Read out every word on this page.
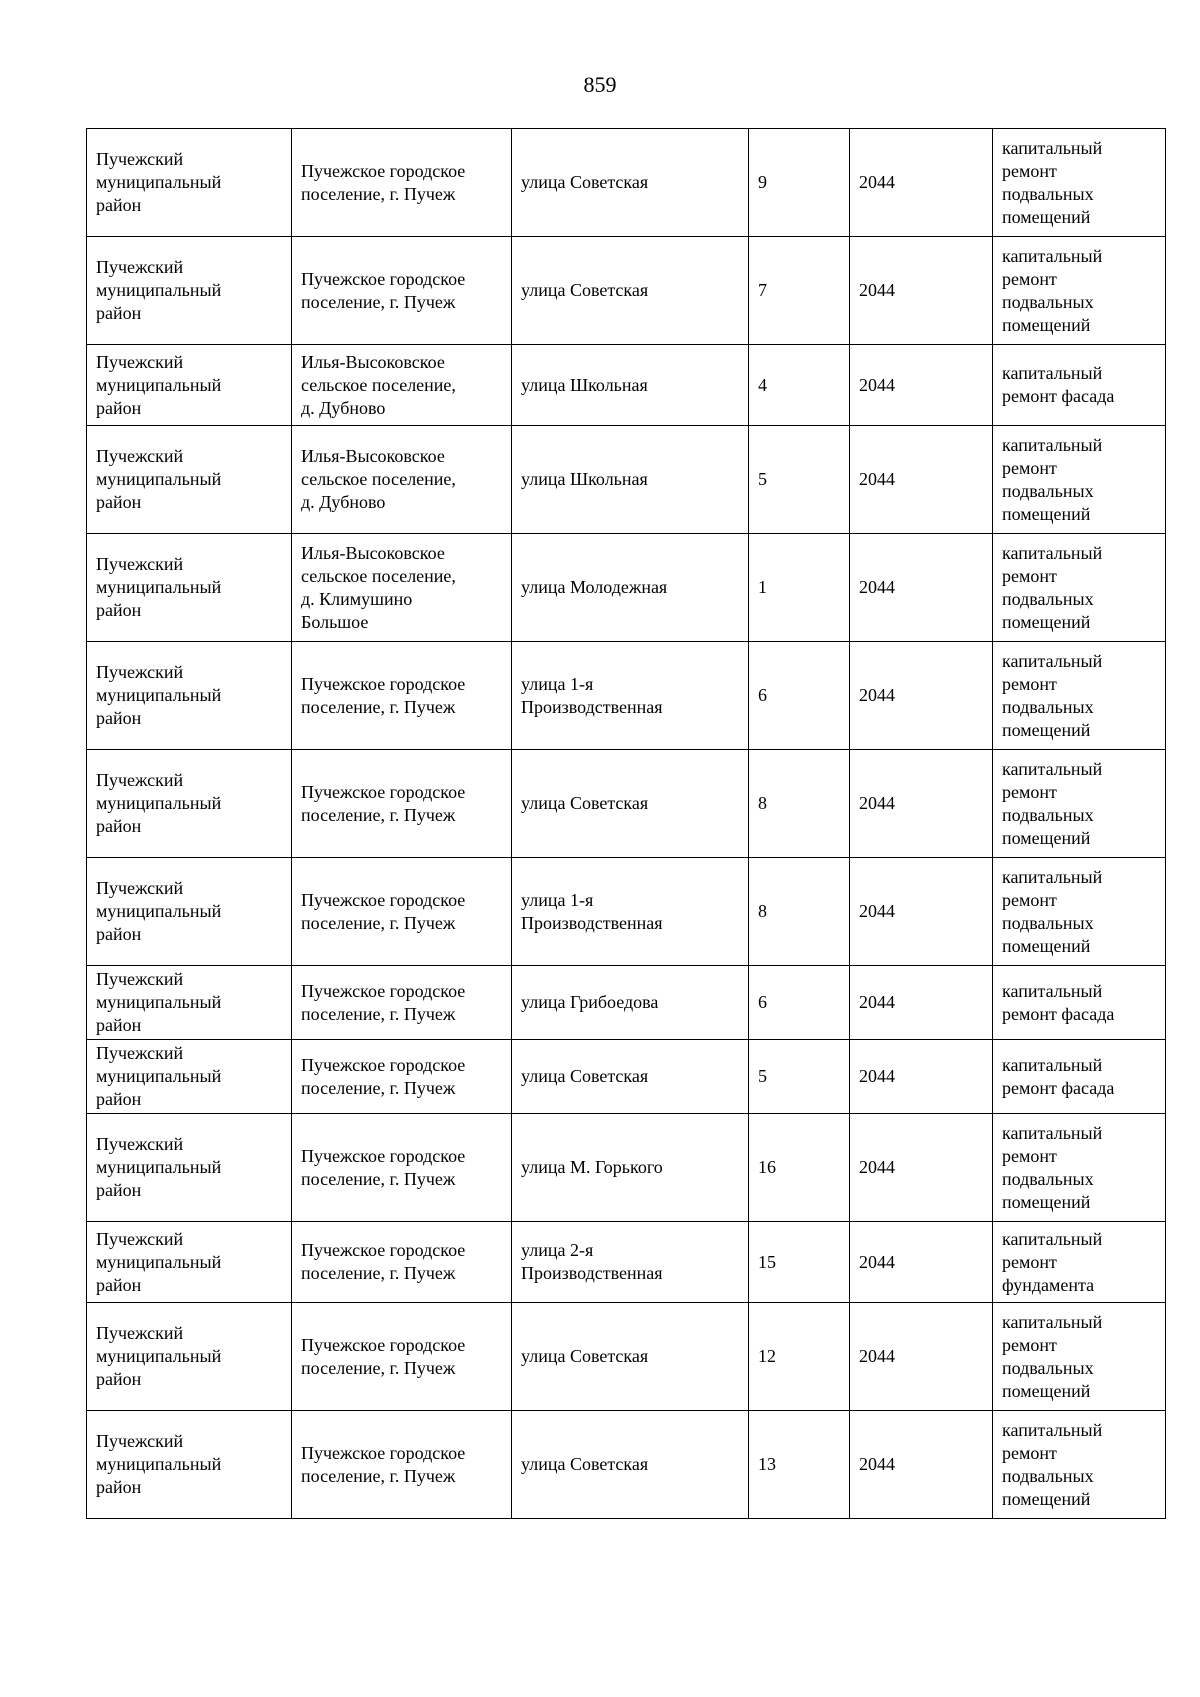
859
Пучежский
муниципальный
район	Пучежское городское
поселение, г. Пучеж	улица Советская	9	2044	капитальный
ремонт
подвальных
помещений
Пучежский
муниципальный
район	Пучежское городское
поселение, г. Пучеж	улица Советская	7	2044	капитальный
ремонт
подвальных
помещений
Пучежский
муниципальный
район	Илья-Высоковское
сельское поселение,
д. Дубново	улица Школьная	4	2044	капитальный
ремонт фасада
Пучежский
муниципальный
район	Илья-Высоковское
сельское поселение,
д. Дубново	улица Школьная	5	2044	капитальный
ремонт
подвальных
помещений
Пучежский
муниципальный
район	Илья-Высоковское
сельское поселение,
д. Климушино
Большое	улица Молодежная	1	2044	капитальный
ремонт
подвальных
помещений
Пучежский
муниципальный
район	Пучежское городское
поселение, г. Пучеж	улица 1-я
Производственная	6	2044	капитальный
ремонт
подвальных
помещений
Пучежский
муниципальный
район	Пучежское городское
поселение, г. Пучеж	улица Советская	8	2044	капитальный
ремонт
подвальных
помещений
Пучежский
муниципальный
район	Пучежское городское
поселение, г. Пучеж	улица 1-я
Производственная	8	2044	капитальный
ремонт
подвальных
помещений
Пучежский
муниципальный
район	Пучежское городское
поселение, г. Пучеж	улица Грибоедова	6	2044	капитальный
ремонт фасада
Пучежский
муниципальный
район	Пучежское городское
поселение, г. Пучеж	улица Советская	5	2044	капитальный
ремонт фасада
Пучежский
муниципальный
район	Пучежское городское
поселение, г. Пучеж	улица М. Горького	16	2044	капитальный
ремонт
подвальных
помещений
Пучежский
муниципальный
район	Пучежское городское
поселение, г. Пучеж	улица 2-я
Производственная	15	2044	капитальный
ремонт
фундамента
Пучежский
муниципальный
район	Пучежское городское
поселение, г. Пучеж	улица Советская	12	2044	капитальный
ремонт
подвальных
помещений
Пучежский
муниципальный
район	Пучежское городское
поселение, г. Пучеж	улица Советская	13	2044	капитальный
ремонт
подвальных
помещений
